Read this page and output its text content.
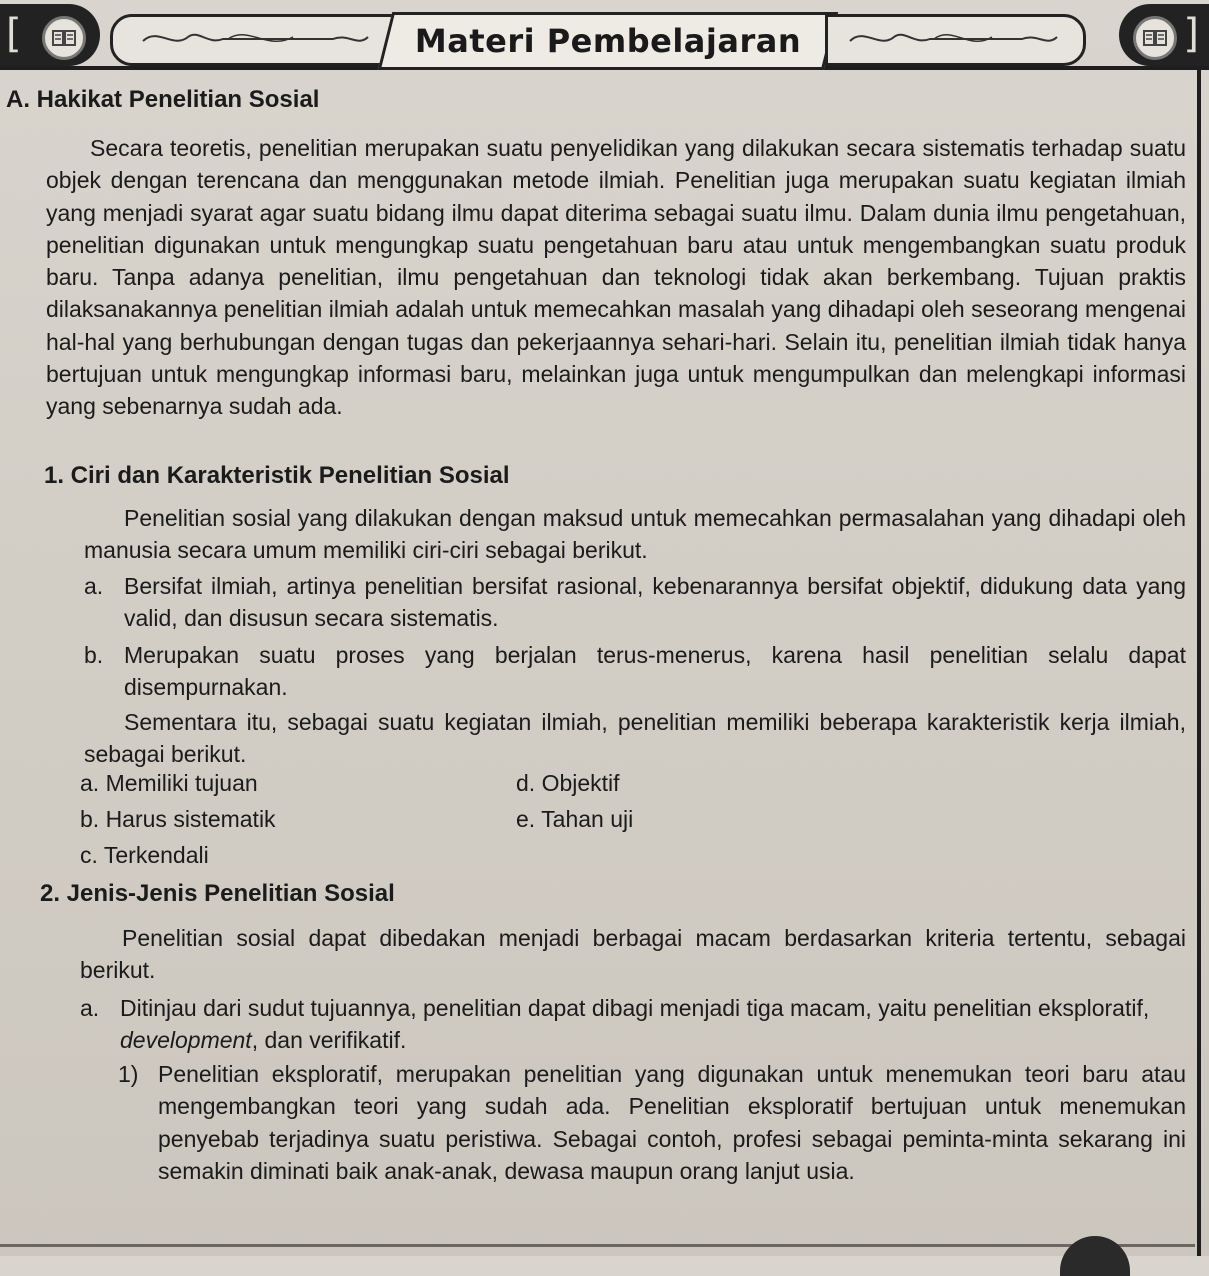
[	Materi Pembelajaran	]
A. Hakikat Penelitian Sosial
Secara teoretis, penelitian merupakan suatu penyelidikan yang dilakukan secara sistematis terhadap suatu objek dengan terencana dan menggunakan metode ilmiah. Penelitian juga merupakan suatu kegiatan ilmiah yang menjadi syarat agar suatu bidang ilmu dapat diterima sebagai suatu ilmu. Dalam dunia ilmu pengetahuan, penelitian digunakan untuk mengungkap suatu pengetahuan baru atau untuk mengembangkan suatu produk baru. Tanpa adanya penelitian, ilmu pengetahuan dan teknologi tidak akan berkembang. Tujuan praktis dilaksanakannya penelitian ilmiah adalah untuk memecahkan masalah yang dihadapi oleh seseorang mengenai hal-hal yang berhubungan dengan tugas dan pekerjaannya sehari-hari. Selain itu, penelitian ilmiah tidak hanya bertujuan untuk mengungkap informasi baru, melainkan juga untuk mengumpulkan dan melengkapi informasi yang sebenarnya sudah ada.
1. Ciri dan Karakteristik Penelitian Sosial
Penelitian sosial yang dilakukan dengan maksud untuk memecahkan permasalahan yang dihadapi oleh manusia secara umum memiliki ciri-ciri sebagai berikut.
a. Bersifat ilmiah, artinya penelitian bersifat rasional, kebenarannya bersifat objektif, didukung data yang valid, dan disusun secara sistematis.
b. Merupakan suatu proses yang berjalan terus-menerus, karena hasil penelitian selalu dapat disempurnakan.
Sementara itu, sebagai suatu kegiatan ilmiah, penelitian memiliki beberapa karakteristik kerja ilmiah, sebagai berikut.
a. Memiliki tujuan
b. Harus sistematik
c. Terkendali
d. Objektif
e. Tahan uji
2. Jenis-Jenis Penelitian Sosial
Penelitian sosial dapat dibedakan menjadi berbagai macam berdasarkan kriteria tertentu, sebagai berikut.
a. Ditinjau dari sudut tujuannya, penelitian dapat dibagi menjadi tiga macam, yaitu penelitian eksploratif, development, dan verifikatif.
1) Penelitian eksploratif, merupakan penelitian yang digunakan untuk menemukan teori baru atau mengembangkan teori yang sudah ada. Penelitian eksploratif bertujuan untuk menemukan penyebab terjadinya suatu peristiwa. Sebagai contoh, profesi sebagai peminta-minta sekarang ini semakin diminati baik anak-anak, dewasa maupun orang lanjut usia.
